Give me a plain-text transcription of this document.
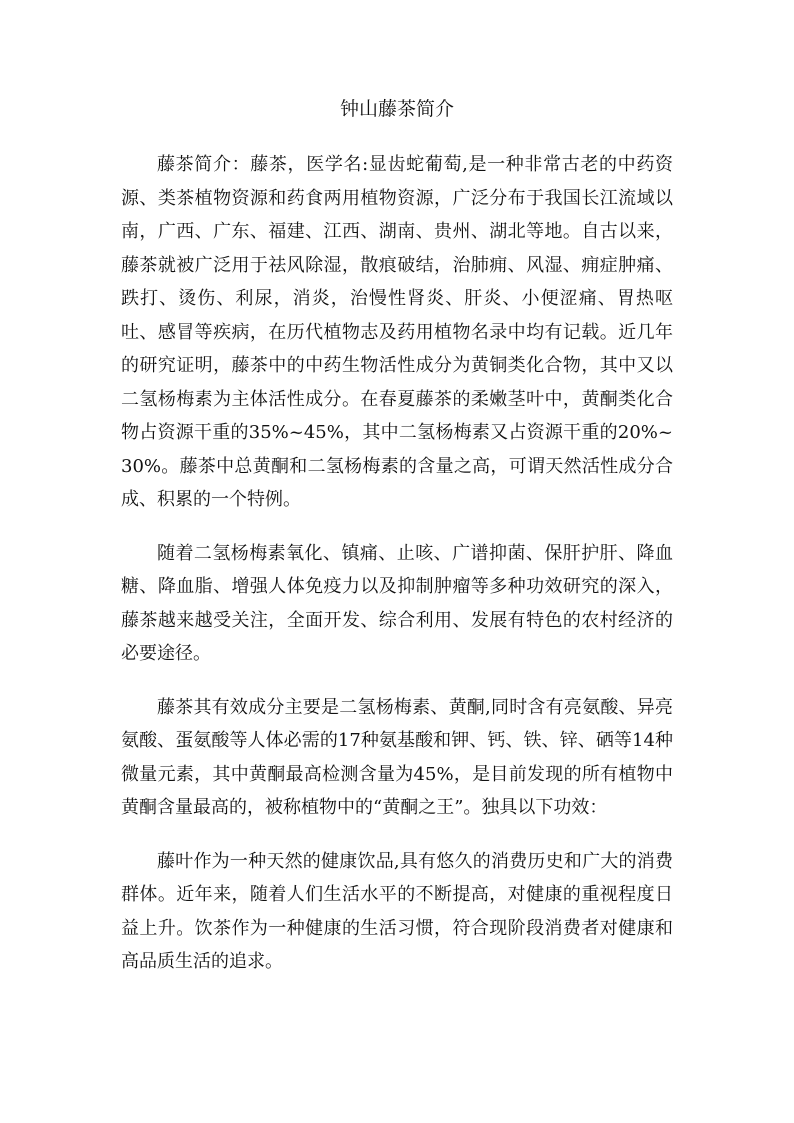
钟山藤茶简介

藤茶简介：藤茶，医学名:显齿蛇葡萄,是一种非常古老的中药资源、类茶植物资源和药食两用植物资源，广泛分布于我国长江流域以南，广西、广东、福建、江西、湖南、贵州、湖北等地。自古以来，藤茶就被广泛用于祛风除湿，散痕破结，治肺痈、风湿、痈症肿痛、跌打、烫伤、利尿，消炎，治慢性肾炎、肝炎、小便涩痛、胃热呕吐、感冒等疾病，在历代植物志及药用植物名录中均有记载。近几年的研究证明，藤茶中的中药生物活性成分为黄铜类化合物，其中又以二氢杨梅素为主体活性成分。在春夏藤茶的柔嫩茎叶中，黄酮类化合物占资源干重的35%~45%，其中二氢杨梅素又占资源干重的20%~30%。藤茶中总黄酮和二氢杨梅素的含量之高，可谓天然活性成分合成、积累的一个特例。

随着二氢杨梅素氧化、镇痛、止咳、广谱抑菌、保肝护肝、降血糖、降血脂、增强人体免疫力以及抑制肿瘤等多种功效研究的深入，藤茶越来越受关注，全面开发、综合利用、发展有特色的农村经济的必要途径。

藤茶其有效成分主要是二氢杨梅素、黄酮,同时含有亮氨酸、异亮氨酸、蛋氨酸等人体必需的17种氨基酸和钾、钙、铁、锌、硒等14种微量元素，其中黄酮最高检测含量为45%，是目前发现的所有植物中黄酮含量最高的，被称植物中的“黄酮之王”。独具以下功效：

藤叶作为一种天然的健康饮品,具有悠久的消费历史和广大的消费群体。近年来，随着人们生活水平的不断提高，对健康的重视程度日益上升。饮茶作为一种健康的生活习惯，符合现阶段消费者对健康和高品质生活的追求。
